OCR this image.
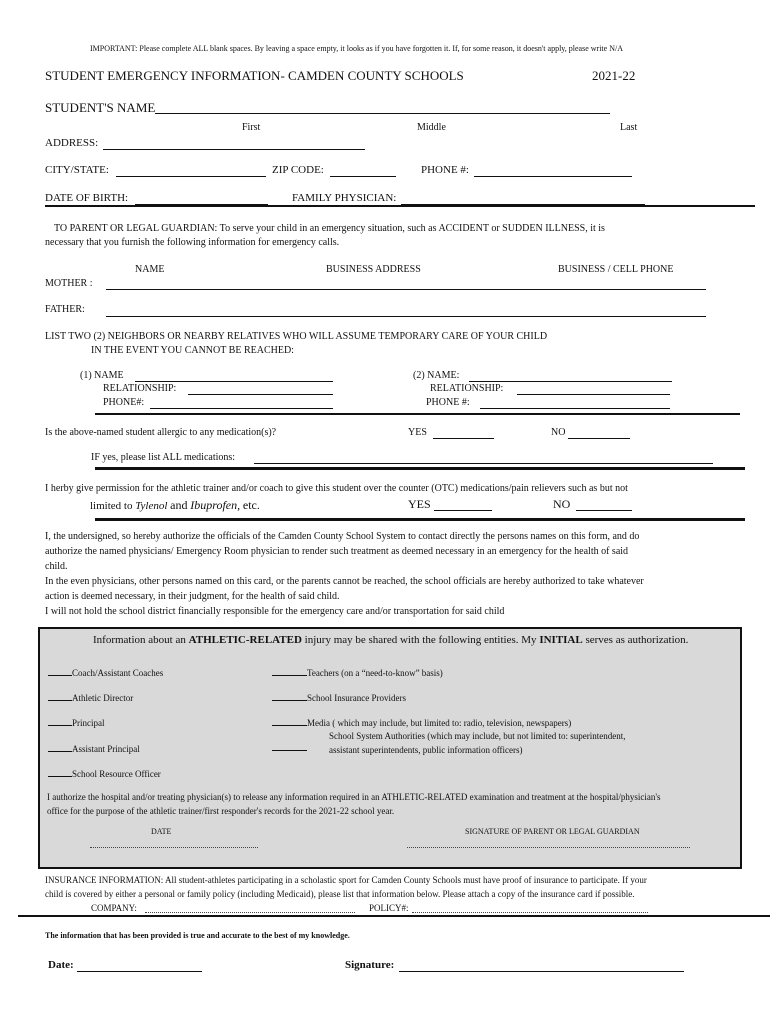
IMPORTANT: Please complete ALL blank spaces. By leaving a space empty, it looks as if you have forgotten it. If, for some reason, it doesn't apply, please write N/A
STUDENT EMERGENCY INFORMATION- CAMDEN COUNTY SCHOOLS	2021-22
STUDENT'S NAME
First	Middle	Last
ADDRESS:
CITY/STATE:	ZIP CODE:	PHONE #:
DATE OF BIRTH:	FAMILY PHYSICIAN:
TO PARENT OR LEGAL GUARDIAN: To serve your child in an emergency situation, such as ACCIDENT or SUDDEN ILLNESS, it is
necessary that you furnish the following information for emergency calls.
NAME	BUSINESS ADDRESS	BUSINESS / CELL PHONE
MOTHER :
FATHER:
LIST TWO (2) NEIGHBORS OR NEARBY RELATIVES WHO WILL ASSUME TEMPORARY CARE OF YOUR CHILD
IN THE EVENT YOU CANNOT BE REACHED:
(1) NAME
RELATIONSHIP:
PHONE#:
(2) NAME:
RELATIONSHIP:
PHONE #:
Is the above-named student allergic to any medication(s)?	YES	NO
IF yes, please list ALL medications:
I herby give permission for the athletic trainer and/or coach to give this student over the counter (OTC) medications/pain relievers such as but not
limited to Tylenol and Ibuprofen, etc.	YES	NO
I, the undersigned, so hereby authorize the officials of the Camden County School System to contact directly the persons names on this form, and do
authorize the named physicians/ Emergency Room physician to render such treatment as deemed necessary in an emergency for the health of said
child.
In the even physicians, other persons named on this card, or the parents cannot be reached, the school officials are hereby authorized to take whatever
action is deemed necessary, in their judgment, for the health of said child.
I will not hold the school district financially responsible for the emergency care and/or transportation for said child
Information about an ATHLETIC-RELATED injury may be shared with the following entities. My INITIAL serves as authorization.
Coach/Assistant Coaches
Athletic Director
Principal
Assistant Principal
School Resource Officer
Teachers (on a “need-to-know” basis)
School Insurance Providers
Media ( which may include, but limited to: radio, television, newspapers)
School System Authorities (which may include, but not limited to: superintendent,
assistant superintendents, public information officers)
I authorize the hospital and/or treating physician(s) to release any information required in an ATHLETIC-RELATED examination and treatment at the hospital/physician's
office for the purpose of the athletic trainer/first responder's records for the 2021-22 school year.
DATE	SIGNATURE OF PARENT OR LEGAL GUARDIAN
INSURANCE INFORMATION: All student-athletes participating in a scholastic sport for Camden County Schools must have proof of insurance to participate. If your
child is covered by either a personal or family policy (including Medicaid), please list that information below. Please attach a copy of the insurance card if possible.
COMPANY:	POLICY#:
The information that has been provided is true and accurate to the best of my knowledge.
Date:	Signature:
